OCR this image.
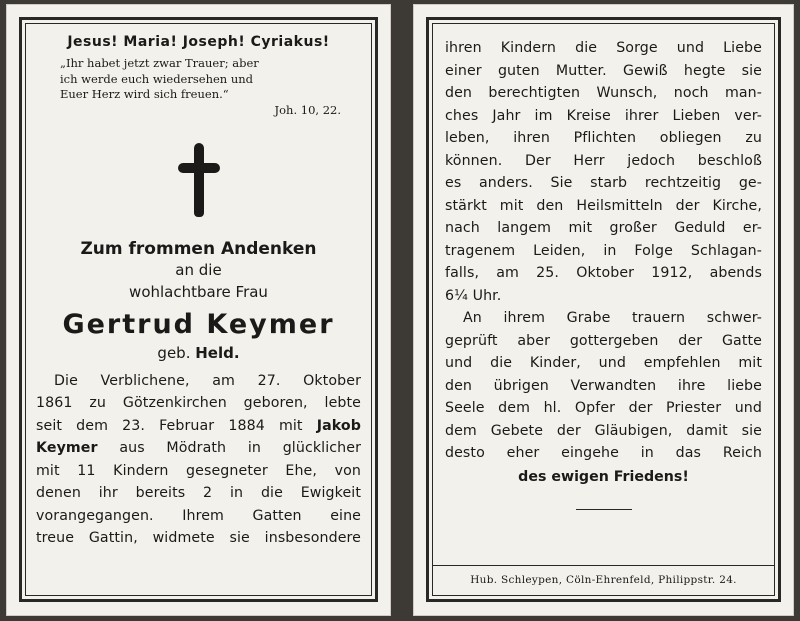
Jesus! Maria! Joseph! Cyriakus!
„Ihr habet jetzt zwar Trauer; aber
ich werde euch wiedersehen und
Euer Herz wird sich freuen.“
Joh. 10, 22.
Zum frommen Andenken
an die
wohlachtbare Frau
Gertrud Keymer
geb. Held.
Die Verblichene, am 27. Oktober
1861 zu Götzenkirchen geboren, lebte
seit dem 23. Februar 1884 mit Jakob
Keymer aus Mödrath in glücklicher
mit 11 Kindern gesegneter Ehe, von
denen ihr bereits 2 in die Ewigkeit
vorangegangen. Ihrem Gatten eine
treue Gattin, widmete sie insbesondere
ihren Kindern die Sorge und Liebe
einer guten Mutter. Gewiß hegte sie
den berechtigten Wunsch, noch man-
ches Jahr im Kreise ihrer Lieben ver-
leben, ihren Pflichten obliegen zu
können. Der Herr jedoch beschloß
es anders. Sie starb rechtzeitig ge-
stärkt mit den Heilsmitteln der Kirche,
nach langem mit großer Geduld er-
tragenem Leiden, in Folge Schlagan-
falls, am 25. Oktober 1912, abends
6¼ Uhr.
An ihrem Grabe trauern schwer-
geprüft aber gottergeben der Gatte
und die Kinder, und empfehlen mit
den übrigen Verwandten ihre liebe
Seele dem hl. Opfer der Priester und
dem Gebete der Gläubigen, damit sie
desto eher eingehe in das Reich
des ewigen Friedens!
Hub. Schleypen, Cöln-Ehrenfeld, Philippstr. 24.
